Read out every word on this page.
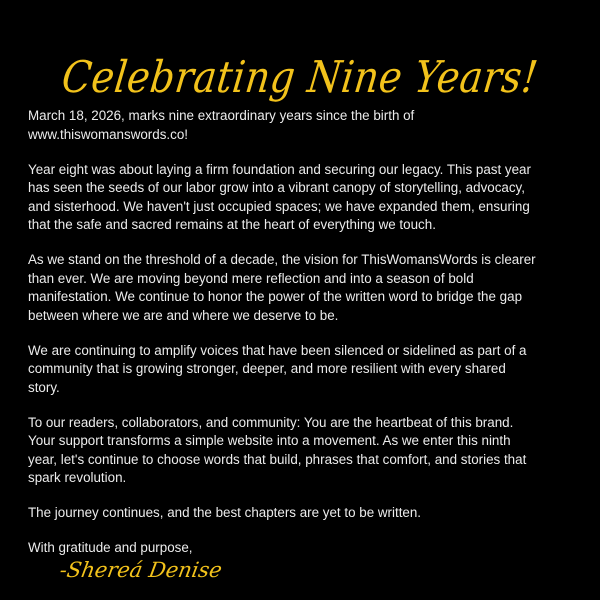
Celebrating Nine Years!

March 18, 2026, marks nine extraordinary years since the birth of
www.thiswomanswords.co!

Year eight was about laying a firm foundation and securing our legacy. This past year
has seen the seeds of our labor grow into a vibrant canopy of storytelling, advocacy,
and sisterhood. We haven't just occupied spaces; we have expanded them, ensuring
that the safe and sacred remains at the heart of everything we touch.

As we stand on the threshold of a decade, the vision for ThisWomansWords is clearer
than ever. We are moving beyond mere reflection and into a season of bold
manifestation. We continue to honor the power of the written word to bridge the gap
between where we are and where we deserve to be.

We are continuing to amplify voices that have been silenced or sidelined as part of a
community that is growing stronger, deeper, and more resilient with every shared
story.

To our readers, collaborators, and community: You are the heartbeat of this brand.
Your support transforms a simple website into a movement. As we enter this ninth
year, let's continue to choose words that build, phrases that comfort, and stories that
spark revolution.

The journey continues, and the best chapters are yet to be written.

With gratitude and purpose,

-Shereá Denise
